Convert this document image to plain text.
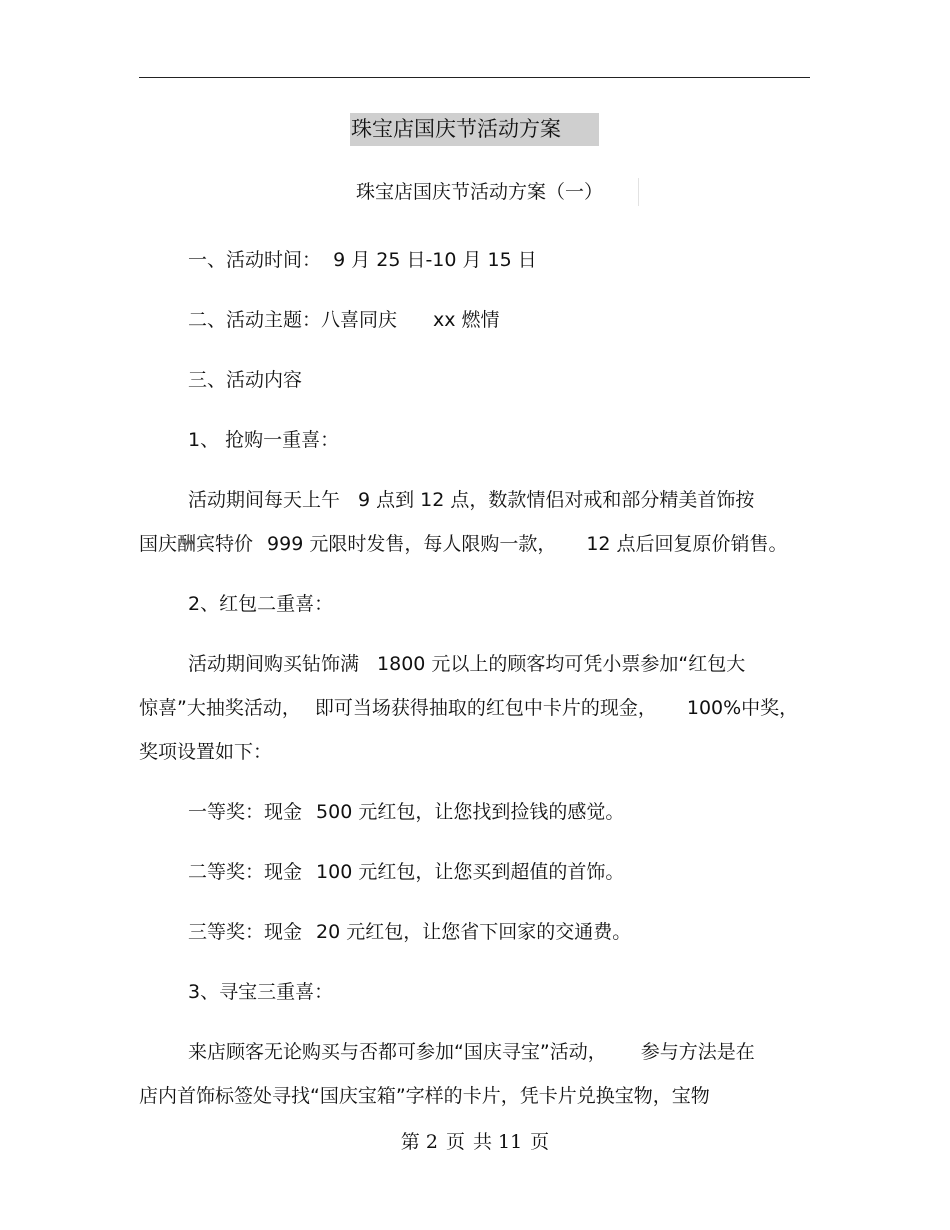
珠宝店国庆节活动方案
珠宝店国庆节活动方案（一）

一、活动时间： 9 月 25 日-10 月 15 日

二、活动主题：八喜同庆 xx 燃情

三、活动内容

1、 抢购一重喜：

活动期间每天上午 9 点到 12 点，数款情侣对戒和部分精美首饰按

国庆酬宾特价 999 元限时发售，每人限购一款， 12 点后回复原价销售。

2、红包二重喜：

活动期间购买钻饰满 1800 元以上的顾客均可凭小票参加“红包大

惊喜”大抽奖活动， 即可当场获得抽取的红包中卡片的现金， 100%中奖，

奖项设置如下：

一等奖：现金 500 元红包，让您找到捡钱的感觉。

二等奖：现金 100 元红包，让您买到超值的首饰。

三等奖：现金 20 元红包，让您省下回家的交通费。

3、寻宝三重喜：

来店顾客无论购买与否都可参加“国庆寻宝”活动， 参与方法是在

店内首饰标签处寻找“国庆宝箱”字样的卡片，凭卡片兑换宝物，宝物

第 2 页 共 11 页
